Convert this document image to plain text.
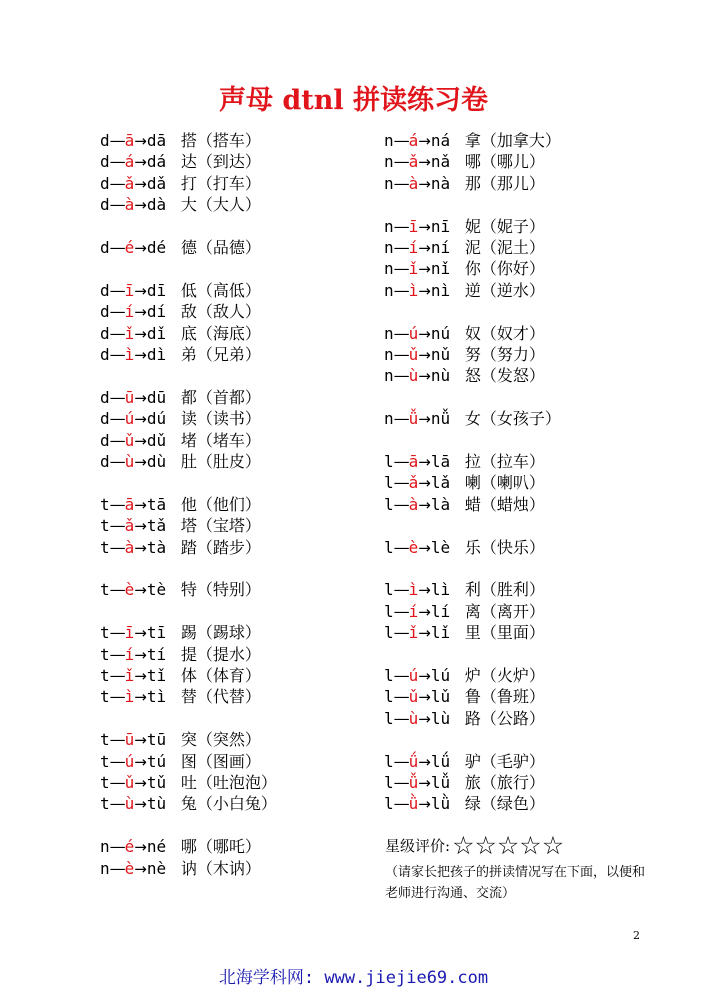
声母 dtnl 拼读练习卷
d—ā→dā 搭（搭车）
d—á→dá 达（到达）
d—ǎ→dǎ 打（打车）
d—à→dà 大（大人）
d—é→dé 德（品德）
d—ī→dī 低（高低）
d—í→dí 敌（敌人）
d—ǐ→dǐ 底（海底）
d—ì→dì 弟（兄弟）
d—ū→dū 都（首都）
d—ú→dú 读（读书）
d—ǔ→dǔ 堵（堵车）
d—ù→dù 肚（肚皮）
t—ā→tā 他（他们）
t—ǎ→tǎ 塔（宝塔）
t—à→tà 踏（踏步）
t—è→tè 特（特别）
t—ī→tī 踢（踢球）
t—í→tí 提（提水）
t—ǐ→tǐ 体（体育）
t—ì→tì 替（代替）
t—ū→tū 突（突然）
t—ú→tú 图（图画）
t—ǔ→tǔ 吐（吐泡泡）
t—ù→tù 兔（小白兔）
n—é→né 哪（哪吒）
n—è→nè 讷（木讷）
n—á→ná 拿（加拿大）
n—ǎ→nǎ 哪（哪儿）
n—à→nà 那（那儿）
n—ī→nī 妮（妮子）
n—í→ní 泥（泥土）
n—ǐ→nǐ 你（你好）
n—ì→nì 逆（逆水）
n—ú→nú 奴（奴才）
n—ǔ→nǔ 努（努力）
n—ù→nù 怒（发怒）
n—ǚ→nǚ 女（女孩子）
l—ā→lā 拉（拉车）
l—ǎ→lǎ 喇（喇叭）
l—à→là 蜡（蜡烛）
l—è→lè 乐（快乐）
l—ì→lì 利（胜利）
l—í→lí 离（离开）
l—ǐ→lǐ 里（里面）
l—ú→lú 炉（火炉）
l—ǔ→lǔ 鲁（鲁班）
l—ù→lù 路（公路）
l—ǘ→lǘ 驴（毛驴）
l—ǚ→lǚ 旅（旅行）
l—ǜ→lǜ 绿（绿色）
星级评价:☆☆☆☆☆
（请家长把孩子的拼读情况写在下面，以便和老师进行沟通、交流）
2
北海学科网: www.jiejie69.com
